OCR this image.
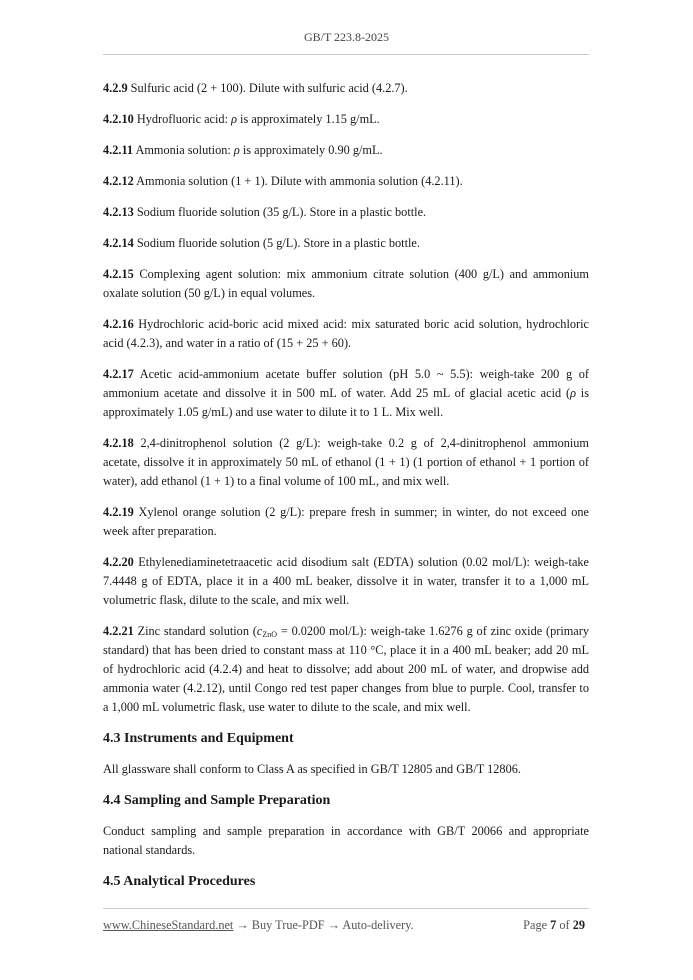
GB/T 223.8-2025

4.2.9 Sulfuric acid (2 + 100). Dilute with sulfuric acid (4.2.7).

4.2.10 Hydrofluoric acid: ρ is approximately 1.15 g/mL.

4.2.11 Ammonia solution: ρ is approximately 0.90 g/mL.

4.2.12 Ammonia solution (1 + 1). Dilute with ammonia solution (4.2.11).

4.2.13 Sodium fluoride solution (35 g/L). Store in a plastic bottle.

4.2.14 Sodium fluoride solution (5 g/L). Store in a plastic bottle.

4.2.15 Complexing agent solution: mix ammonium citrate solution (400 g/L) and ammonium oxalate solution (50 g/L) in equal volumes.

4.2.16 Hydrochloric acid-boric acid mixed acid: mix saturated boric acid solution, hydrochloric acid (4.2.3), and water in a ratio of (15 + 25 + 60).

4.2.17 Acetic acid-ammonium acetate buffer solution (pH 5.0 ~ 5.5): weigh-take 200 g of ammonium acetate and dissolve it in 500 mL of water. Add 25 mL of glacial acetic acid (ρ is approximately 1.05 g/mL) and use water to dilute it to 1 L. Mix well.

4.2.18 2,4-dinitrophenol solution (2 g/L): weigh-take 0.2 g of 2,4-dinitrophenol ammonium acetate, dissolve it in approximately 50 mL of ethanol (1 + 1) (1 portion of ethanol + 1 portion of water), add ethanol (1 + 1) to a final volume of 100 mL, and mix well.

4.2.19 Xylenol orange solution (2 g/L): prepare fresh in summer; in winter, do not exceed one week after preparation.

4.2.20 Ethylenediaminetetraacetic acid disodium salt (EDTA) solution (0.02 mol/L): weigh-take 7.4448 g of EDTA, place it in a 400 mL beaker, dissolve it in water, transfer it to a 1,000 mL volumetric flask, dilute to the scale, and mix well.

4.2.21 Zinc standard solution ($c_{ZnO} = 0.0200$ mol/L): weigh-take 1.6276 g of zinc oxide (primary standard) that has been dried to constant mass at 110 °C, place it in a 400 mL beaker; add 20 mL of hydrochloric acid (4.2.4) and heat to dissolve; add about 200 mL of water, and dropwise add ammonia water (4.2.12), until Congo red test paper changes from blue to purple. Cool, transfer to a 1,000 mL volumetric flask, use water to dilute to the scale, and mix well.

4.3 Instruments and Equipment

All glassware shall conform to Class A as specified in GB/T 12805 and GB/T 12806.

4.4 Sampling and Sample Preparation

Conduct sampling and sample preparation in accordance with GB/T 20066 and appropriate national standards.

4.5 Analytical Procedures
www.ChineseStandard.net → Buy True-PDF → Auto-delivery.	Page 7 of 29
